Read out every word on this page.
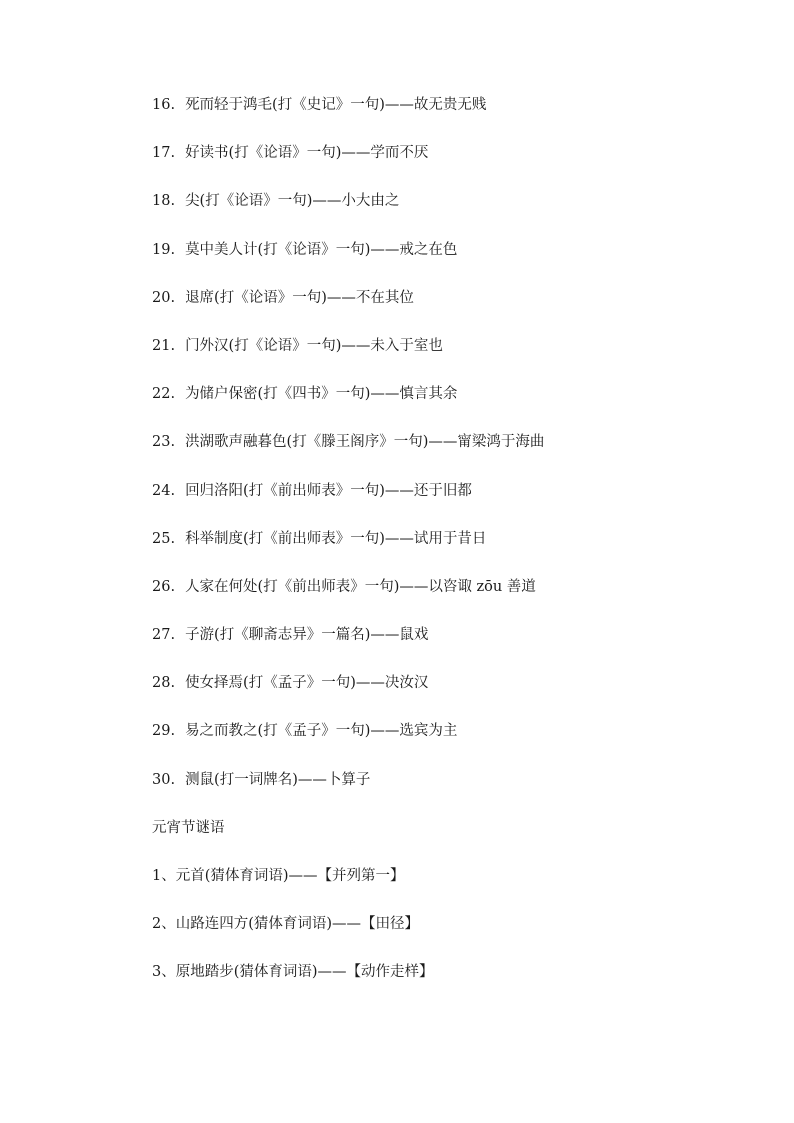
16. 死而轻于鸿毛(打《史记》一句)——故无贵无贱
17. 好读书(打《论语》一句)——学而不厌
18. 尖(打《论语》一句)——小大由之
19. 莫中美人计(打《论语》一句)——戒之在色
20. 退席(打《论语》一句)——不在其位
21. 门外汉(打《论语》一句)——未入于室也
22. 为储户保密(打《四书》一句)——慎言其余
23. 洪湖歌声融暮色(打《滕王阁序》一句)——甯梁鸿于海曲
24. 回归洛阳(打《前出师表》一句)——还于旧都
25. 科举制度(打《前出师表》一句)——试用于昔日
26. 人家在何处(打《前出师表》一句)——以咨诹 zōu 善道
27. 子游(打《聊斋志异》一篇名)——鼠戏
28. 使女择焉(打《孟子》一句)——决汝汉
29. 易之而教之(打《孟子》一句)——选宾为主
30. 测鼠(打一词牌名)——卜算子
元宵节谜语
1、元首(猜体育词语)——【并列第一】
2、山路连四方(猜体育词语)——【田径】
3、原地踏步(猜体育词语)——【动作走样】
